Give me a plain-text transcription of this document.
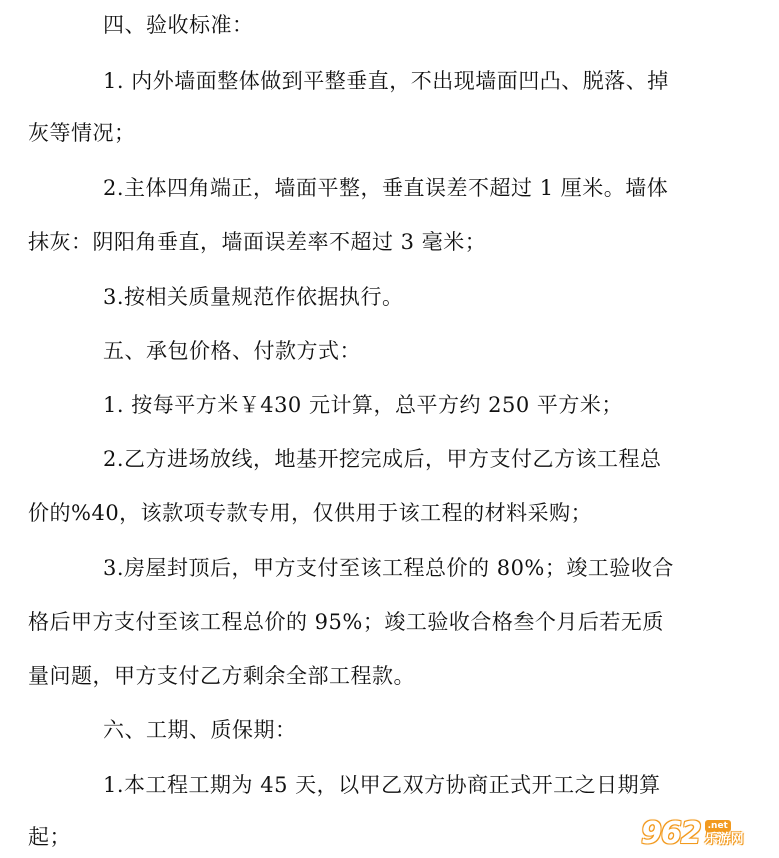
四、验收标准：
1. 内外墙面整体做到平整垂直，不出现墙面凹凸、脱落、掉
灰等情况；
2.主体四角端正，墙面平整，垂直误差不超过 1 厘米。墙体
抹灰：阴阳角垂直，墙面误差率不超过 3 毫米；
3.按相关质量规范作依据执行。
五、承包价格、付款方式：
1. 按每平方米￥430 元计算，总平方约 250 平方米；
2.乙方进场放线，地基开挖完成后，甲方支付乙方该工程总
价的%40，该款项专款专用，仅供用于该工程的材料采购；
3.房屋封顶后，甲方支付至该工程总价的 80%；竣工验收合
格后甲方支付至该工程总价的 95%；竣工验收合格叁个月后若无质
量问题，甲方支付乙方剩余全部工程款。
六、工期、质保期：
1.本工程工期为 45 天，以甲乙双方协商正式开工之日期算
起；	962 .net
乐游网
